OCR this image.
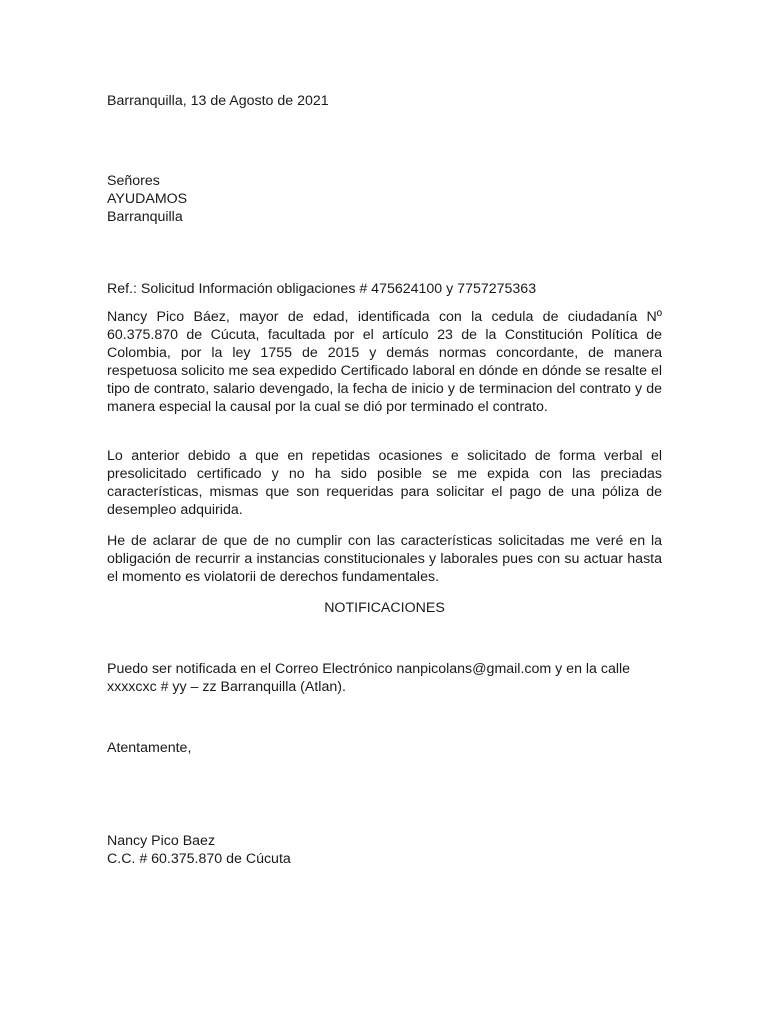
Barranquilla, 13 de Agosto de 2021

Señores

AYUDAMOS

Barranquilla

Ref.: Solicitud Información obligaciones # 475624100 y 7757275363

Nancy Pico Báez, mayor de edad, identificada con la cedula de ciudadanía Nº 60.375.870 de Cúcuta, facultada por el artículo 23 de la Constitución Política de Colombia, por la ley 1755 de 2015 y demás normas concordante, de manera respetuosa solicito me sea expedido Certificado laboral en dónde en dónde se resalte el tipo de contrato, salario devengado, la fecha de inicio y de terminacion del contrato y de manera especial la causal por la cual se dió por terminado el contrato.

Lo anterior debido a que en repetidas ocasiones e solicitado de forma verbal el presolicitado certificado y no ha sido posible se me expida con las preciadas características, mismas que son requeridas para solicitar el pago de una póliza de desempleo adquirida.

He de aclarar de que de no cumplir con las características solicitadas me veré en la obligación de recurrir a instancias constitucionales y laborales pues con su actuar hasta el momento es violatorii de derechos fundamentales.

NOTIFICACIONES

Puedo ser notificada en el Correo Electrónico nanpicolans@gmail.com y en la calle
xxxxcxc # yy – zz Barranquilla (Atlan).

Atentamente,

Nancy Pico Baez

C.C. # 60.375.870 de Cúcuta
